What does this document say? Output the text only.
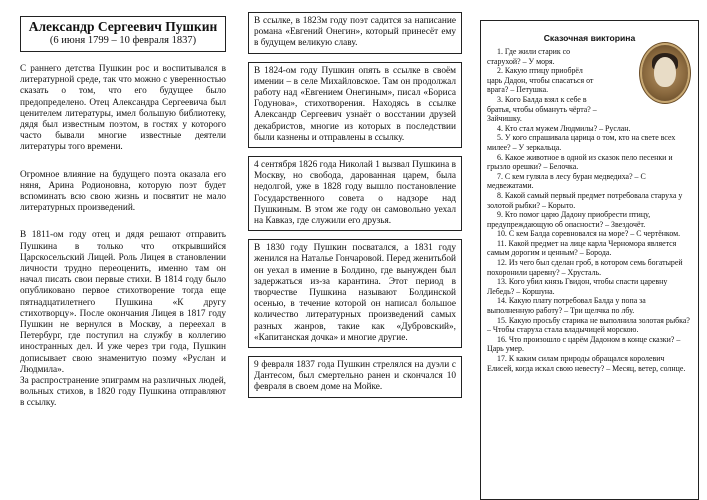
Александр Сергеевич Пушкин
(6 июня 1799 – 10 февраля 1837)

С раннего детства Пушкин рос и воспитывался в литературной среде, так что можно с уверенностью сказать о том, что его будущее было предопределено. Отец Александра Сергеевича был ценителем литературы, имел большую библиотеку, дядя был известным поэтом, в гостях у которого часто бывали многие известные деятели литературы того времени.

Огромное влияние на будущего поэта оказала его няня, Арина Родионовна, которую поэт будет вспоминать всю свою жизнь и посвятит не мало литературных произведений.

В 1811-ом году отец и дядя решают отправить Пушкина в только что открывшийся Царскосельский Лицей. Роль Лицея в становлении личности трудно переоценить, именно там он начал писать свои первые стихи. В 1814 году было опубликовано первое стихотворение тогда еще пятнадцатилетнего Пушкина «К другу стихотворцу». После окончания Лицея в 1817 году Пушкин не вернулся в Москву, а переехал в Петербург, где поступил на службу в коллегию иностранных дел. И уже через три года, Пушкин дописывает свою знаменитую поэму «Руслан и Людмила».

За распространение эпиграмм на различных людей, вольных стихов, в 1820 году Пушкина отправляют в ссылку.

В ссылке, в 1823м году поэт садится за написание романа «Евгений Онегин», который принесёт ему в будущем великую славу.

В 1824-ом году Пушкин опять в ссылке в своём имении – в селе Михайловское. Там он продолжал работу над «Евгением Онегиным», писал «Бориса Годунова», стихотворения. Находясь в ссылке Александр Сергеевич узнаёт о восстании друзей декабристов, многие из которых в последствии были казнены и отправлены в ссылку.

4 сентября 1826 года Николай 1 вызвал Пушкина в Москву, но свобода, дарованная царем, была недолгой, уже в 1828 году вышло постановление Государственного совета о надзоре над Пушкиным. В этом же году он самовольно уехал на Кавказ, где служили его друзья.

В 1830 году Пушкин посватался, а 1831 году женился на Наталье Гончаровой. Перед женитьбой он уехал в имение в Болдино, где вынужден был задержаться из-за карантина. Этот период в творчестве Пушкина называют Болдинской осенью, в течение которой он написал большое количество литературных произведений самых разных жанров, такие как «Дубровский», «Капитанская дочка» и многие другие.

9 февраля 1837 года Пушкин стрелялся на дуэли с Дантесом, был смертельно ранен и скончался 10 февраля в своем доме на Мойке.

Сказочная викторина

1. Где жили старик со старухой? – У моря.

2. Какую птицу приобрёл царь Дадон, чтобы спасаться от врага? – Петушка.

3. Кого Балда взял к себе в братья, чтобы обмануть чёрта? – Зайчишку.

4. Кто стал мужем Людмилы? – Руслан.

5. У кого спрашивала царица о том, кто на свете всех милее? – У зеркальца.

6. Какое животное в одной из сказок пело песенки и грызло орешки? – Белочка.

7. С кем гуляла в лесу буран медведиха? – С медвежатами.

8. Какой самый первый предмет потребовала старуха у золотой рыбки? – Корыто.

9. Кто помог царю Дадону приобрести птицу, предупреждающую об опасности? – Звездочёт.

10. С кем Балда соревновался на море? – С чертёнком.

11. Какой предмет на лице карла Черномора является самым дорогим и ценным? – Борода.

12. Из чего был сделан гроб, в котором семь богатырей похоронили царевну? – Хрусталь.

13. Кого убил князь Гвидон, чтобы спасти царевну Лебедь? – Коршуна.

14. Какую плату потребовал Балда у попа за выполненную работу? – Три щелчка по лбу.

15. Какую просьбу старика не выполнила золотая рыбка? – Чтобы старуха стала владычицей морскою.

16. Что произошло с царём Дадоном в конце сказки? – Царь умер.

17. К каким силам природы обращался королевич Елисей, когда искал свою невесту? – Месяц, ветер, солнце.
